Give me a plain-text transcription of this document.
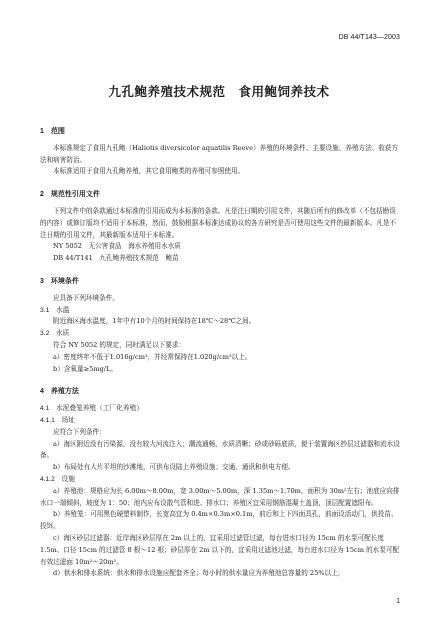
DB 44/T143—2003
九孔鲍养殖技术规范　食用鲍饲养技术

1　范围

本标准规定了食用九孔鲍（Haliotis diversicolor aquatilis Reeve）养殖的环境条件、主要设施、养殖方法、收获方法和病害防治。

本标准适用于食用九孔鲍养殖，其它食用鲍类的养殖可参照使用。

2　规范性引用文件

下列文件中的条款通过本标准的引用而成为本标准的条款。凡是注日期的引用文件，其随后所有的修改单（不包括勘误的内容）或修订版均不适用于本标准，然而，鼓励根据本标准达成协议的各方研究是否可使用这些文件的最新版本。凡是不注日期的引用文件，其最新版本适用于本标准。

NY 5052　无公害食品　海水养殖用水水质

DB 44/T141　九孔鲍养殖技术规范　鲍苗

3　环境条件

应具备下列环境条件。

3.1　水温

附近海区海水温度，1年中有10个月的时间保持在18℃～28℃之间。

3.2　水质

符合 NY 5052 的规定，同时满足以下要求：

a）密度终年不低于1.016g/cm³，并经常保持在1.020g/cm³以上。

b）含氧量≥5mg/L。

4　养殖方法

4.1　水泥叠笼养殖（工厂化养殖）

4.1.1　场址

应符合下列条件：

a）海区附近没有污染源，没有较大河流注入；潮流通畅，水质清晰；砂或砂砾底质，便于装置海区抄层过滤器和流水设备。

b）布局处有人片平坦的沙滩地，可供布设陆上养殖设施；交通、通讯和供电方便。

4.1.2　设施

a）养殖池：规格应为长 6.00m～8.00m，宽 3.00m～5.00m，深 1.35m～1.70m，面积为 30m²左右；池底应向排水口一端倾斜，坡度为 1：50；池内应布设散气管和进、排水口；养殖区宜采用钢筋混凝土盖顶，顶层配置遮阳布。

b）养殖笼：可用黑色硬塑料制作，长宽高宜为 0.4m×0.3m×0.1m，前后和上下四面具孔，前面设活动门，供投苗、投饵。

c）海区砂层过滤器：近岸海区砂层厚在 2m 以上的，宜采用过滤管过滤，每台进水口径为 15cm 的水泵可配长度 1.5m、口径 15cm 的过滤管 8 根～12 根；砂层厚在 2m 以下的，宜采用过滤池过滤，每台进水口径为 15cm 的水泵可配有效过滤面 10m²～20m²。

d）供水和排水系统：供水和排水设施应配套齐全；每小时的供水量应为养殖池总容量的 25%以上，

1
